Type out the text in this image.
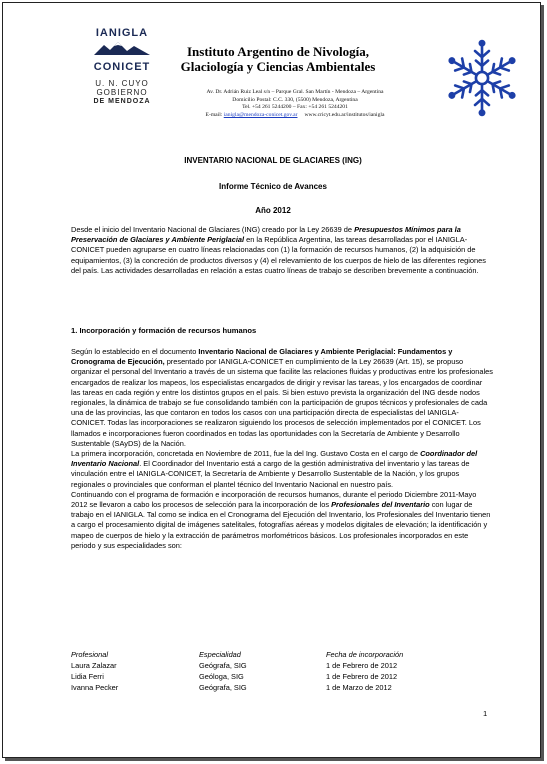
IANIGLA
CONICET
U. N. CUYO
GOBIERNO
DE MENDOZA
Instituto Argentino de Nivología,
Glaciología y Ciencias Ambientales
Av. Dr. Adrián Ruiz Leal s/n – Parque Gral. San Martín - Mendoza – Argentina
Domicilio Postal: C.C. 330, (5500) Mendoza, Argentina
Tel. +54 261 5244200 – Fax: +54 261 5244201
E-mail: ianigla@mendoza-conicet.gov.ar     www.cricyt.edu.ar/institutos/ianigla
INVENTARIO NACIONAL DE GLACIARES (ING)
Informe Técnico de Avances
Año 2012

Desde el inicio del Inventario Nacional de Glaciares (ING) creado por la Ley 26639 de Presupuestos Mínimos para la Preservación de Glaciares y Ambiente Periglacial en la República Argentina, las tareas desarrolladas por el IANIGLA-CONICET pueden agruparse en cuatro líneas relacionadas con (1) la formación de recursos humanos, (2) la adquisición de equipamientos, (3) la concreción de productos diversos y (4) el relevamiento de los cuerpos de hielo de las diferentes regiones del país. Las actividades desarrolladas en relación a estas cuatro líneas de trabajo se describen brevemente a continuación.

1. Incorporación y formación de recursos humanos

Según lo establecido en el documento Inventario Nacional de Glaciares y Ambiente Periglacial: Fundamentos y Cronograma de Ejecución, presentado por IANIGLA-CONICET en cumplimiento de la Ley 26639 (Art. 15), se propuso organizar el personal del Inventario a través de un sistema que facilite las relaciones fluidas y productivas entre los profesionales encargados de realizar los mapeos, los especialistas encargados de dirigir y revisar las tareas, y los encargados de coordinar las tareas en cada región y entre los distintos grupos en el país. Si bien estuvo prevista la organización del ING desde nodos regionales, la dinámica de trabajo se fue consolidando también con la participación de grupos técnicos y profesionales de cada una de las provincias, las que contaron en todos los casos con una participación directa de especialistas del IANIGLA-CONICET. Todas las incorporaciones se realizaron siguiendo los procesos de selección implementados por el CONICET. Los llamados e incorporaciones fueron coordinados en todas las oportunidades con la Secretaría de Ambiente y Desarrollo Sustentable (SAyDS) de la Nación.

La primera incorporación, concretada en Noviembre de 2011, fue la del Ing. Gustavo Costa en el cargo de Coordinador del Inventario Nacional. El Coordinador del Inventario está a cargo de la gestión administrativa del inventario y las tareas de vinculación entre el IANIGLA-CONICET, la Secretaría de Ambiente y Desarrollo Sustentable de la Nación, y los grupos regionales o provinciales que conforman el plantel técnico del Inventario Nacional en nuestro país.

Continuando con el programa de formación e incorporación de recursos humanos, durante el periodo Diciembre 2011-Mayo 2012 se llevaron a cabo los procesos de selección para la incorporación de los Profesionales del Inventario con lugar de trabajo en el IANIGLA. Tal como se indica en el Cronograma del Ejecución del Inventario, los Profesionales del Inventario tienen a cargo el procesamiento digital de imágenes satelitales, fotografías aéreas y modelos digitales de elevación; la identificación y mapeo de cuerpos de hielo y la extracción de parámetros morfométricos básicos. Los profesionales incorporados en este periodo y sus especialidades son:

Profesional	Especialidad	Fecha de incorporación
Laura Zalazar	Geógrafa, SIG	1 de Febrero de 2012
Lidia Ferri	Geóloga, SIG	1 de Febrero de 2012
Ivanna Pecker	Geógrafa, SIG	1 de Marzo de 2012
1
